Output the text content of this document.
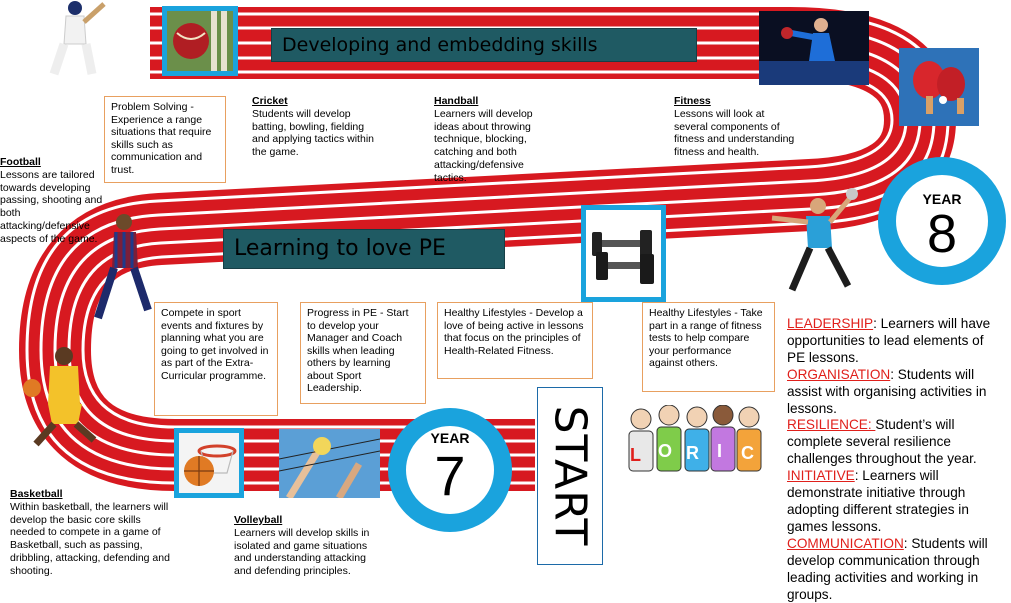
Developing and embedding skills
Learning to love PE
YEAR
8
YEAR
7	START L O R I C
Problem Solving - Experience a range situations that require skills such as communication and trust.
Compete in sport events and fixtures by planning what you are going to get involved in as part of the Extra-Curricular programme.
Progress in PE - Start to develop your Manager and Coach skills when leading others by learning about Sport Leadership.
Healthy Lifestyles - Develop a love of being active in lessons that focus on the principles of Health-Related Fitness.
Healthy Lifestyles - Take part in a range of fitness tests to help compare your performance against others.
Football
Lessons are tailored towards developing passing, shooting and both attacking/defensive aspects of the game.
Cricket
Students will develop batting, bowling, fielding and applying tactics within the game.
Handball
Learners will develop ideas about throwing technique, blocking, catching and both attacking/defensive tactics.
Fitness
Lessons will look at several components of fitness and understanding fitness and health.
Basketball
Within basketball, the learners will develop the basic core skills needed to compete in a game of Basketball, such as passing, dribbling, attacking, defending and shooting.
Volleyball
Learners will develop skills in isolated and game situations and understanding attacking and defending principles.
LEADERSHIP: Learners will have opportunities to lead elements of PE lessons.
ORGANISATION: Students will assist with organising activities in lessons.
RESILIENCE: Student’s will complete several resilience challenges throughout the year.
INITIATIVE: Learners will demonstrate initiative through adopting different strategies in games lessons.
COMMUNICATION: Students will develop communication through leading activities and working in groups.
